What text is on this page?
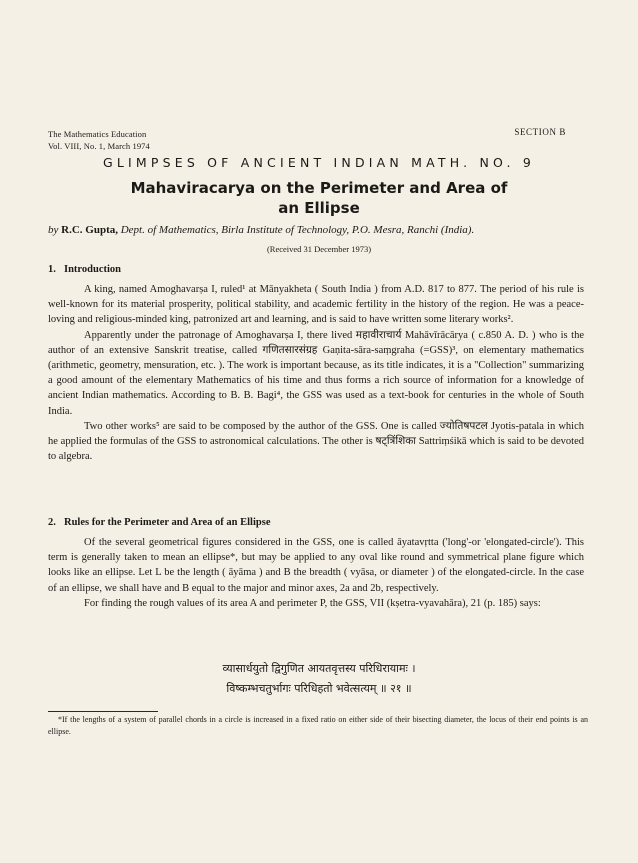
The Mathematics Education
Vol. VIII, No. 1, March 1974
SECTION B
GLIMPSES OF ANCIENT INDIAN MATH. NO. 9
Mahaviracarya on the Perimeter and Area of
an Ellipse
by R.C. Gupta, Dept. of Mathematics, Birla Institute of Technology, P.O. Mesra, Ranchi (India).
(Received 31 December 1973)
1. Introduction

A king, named Amoghavarṣa I, ruled¹ at Mānyakheta ( South India ) from A.D. 817 to 877. The period of his rule is well-known for its material prosperity, political stability, and academic fertility in the history of the region. He was a peace-loving and religious-minded king, patronized art and learning, and is said to have written some literary works².

Apparently under the patronage of Amoghavarṣa I, there lived महावीराचार्य Mahāvīrācārya ( c.850 A. D. ) who is the author of an extensive Sanskrit treatise, called गणितसारसंग्रह Gaṇita-sāra-saṃgraha (=GSS)³, on elementary mathematics (arithmetic, geometry, mensuration, etc. ). The work is important because, as its title indicates, it is a "Collection" summarizing a good amount of the elementary Mathematics of his time and thus forms a rich source of information for a knowledge of ancient Indian mathematics. According to B. B. Bagi⁴, the GSS was used as a text-book for centuries in the whole of South India.

Two other works⁵ are said to be composed by the author of the GSS. One is called ज्योतिषपटल Jyotis-patala in which he applied the formulas of the GSS to astronomical calculations. The other is षट्त्रिंशिका Sattriṃśikā which is said to be devoted to algebra.

2. Rules for the Perimeter and Area of an Ellipse

Of the several geometrical figures considered in the GSS, one is called āyatavṛtta ('long'-or 'elongated-circle'). This term is generally taken to mean an ellipse*, but may be applied to any oval like round and symmetrical plane figure which looks like an ellipse. Let L be the length ( āyāma ) and B the breadth ( vyāsa, or diameter ) of the elongated-circle. In the case of an ellipse, we shall have and B equal to the major and minor axes, 2a and 2b, respectively.

For finding the rough values of its area A and perimeter P, the GSS, VII (kṣetra-vyavahāra), 21 (p. 185) says:

व्यासार्धयुतो द्विगुणित आयतवृत्तस्य परिधिरायामः ।
विष्कम्भचतुर्भागः परिधिहतो भवेत्सत्यम् ॥ २१ ॥

*If the lengths of a system of parallel chords in a circle is increased in a fixed ratio on either side of their bisecting diameter, the locus of their end points is an ellipse.
